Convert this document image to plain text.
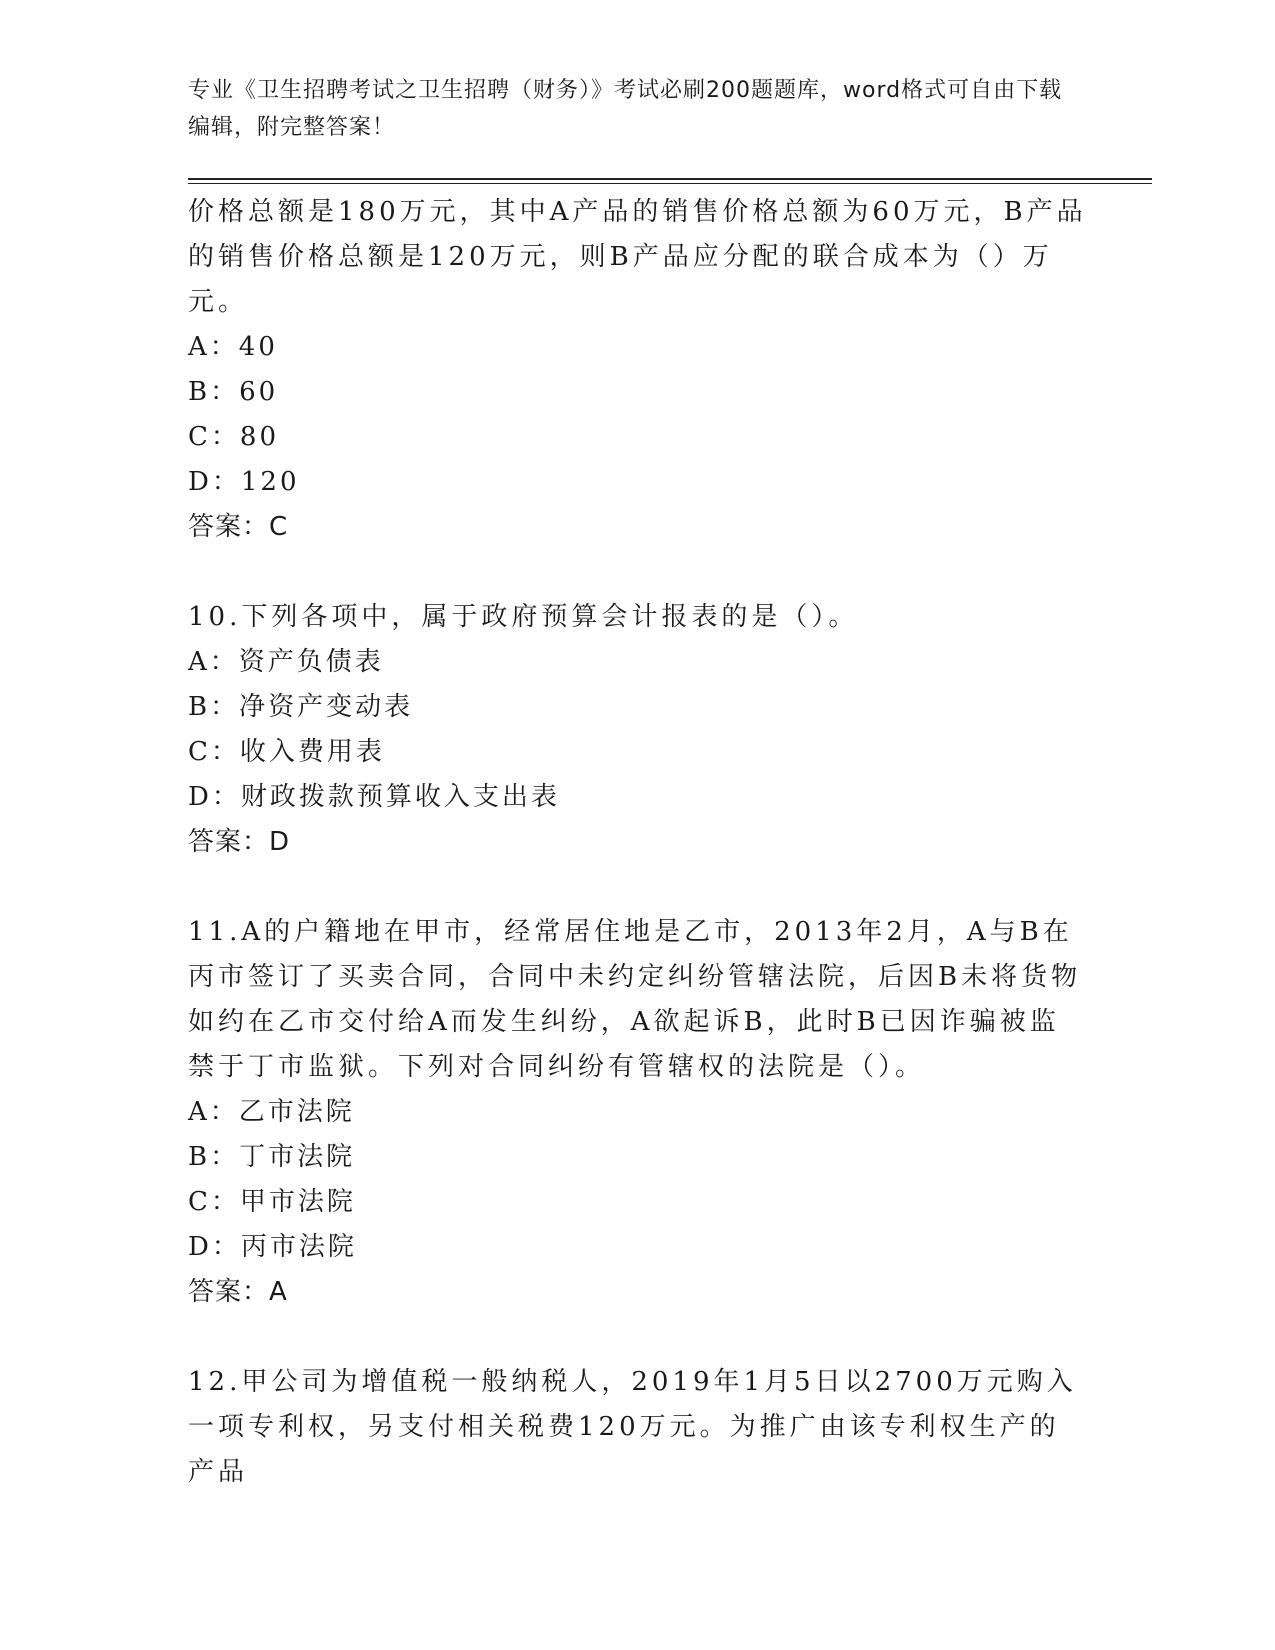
专业《卫生招聘考试之卫生招聘（财务）》考试必刷200题题库，word格式可自由下载编辑，附完整答案！

价格总额是180万元，其中A产品的销售价格总额为60万元，B产品的销售价格总额是120万元，则B产品应分配的联合成本为（）万元。

A：40

B：60

C：80

D：120

答案：C

10.下列各项中，属于政府预算会计报表的是（）。

A：资产负债表

B：净资产变动表

C：收入费用表

D：财政拨款预算收入支出表

答案：D

11.A的户籍地在甲市，经常居住地是乙市，2013年2月，A与B在丙市签订了买卖合同，合同中未约定纠纷管辖法院，后因B未将货物如约在乙市交付给A而发生纠纷，A欲起诉B，此时B已因诈骗被监禁于丁市监狱。下列对合同纠纷有管辖权的法院是（）。

A：乙市法院

B：丁市法院

C：甲市法院

D：丙市法院

答案：A

12.甲公司为增值税一般纳税人，2019年1月5日以2700万元购入一项专利权，另支付相关税费120万元。为推广由该专利权生产的产品
